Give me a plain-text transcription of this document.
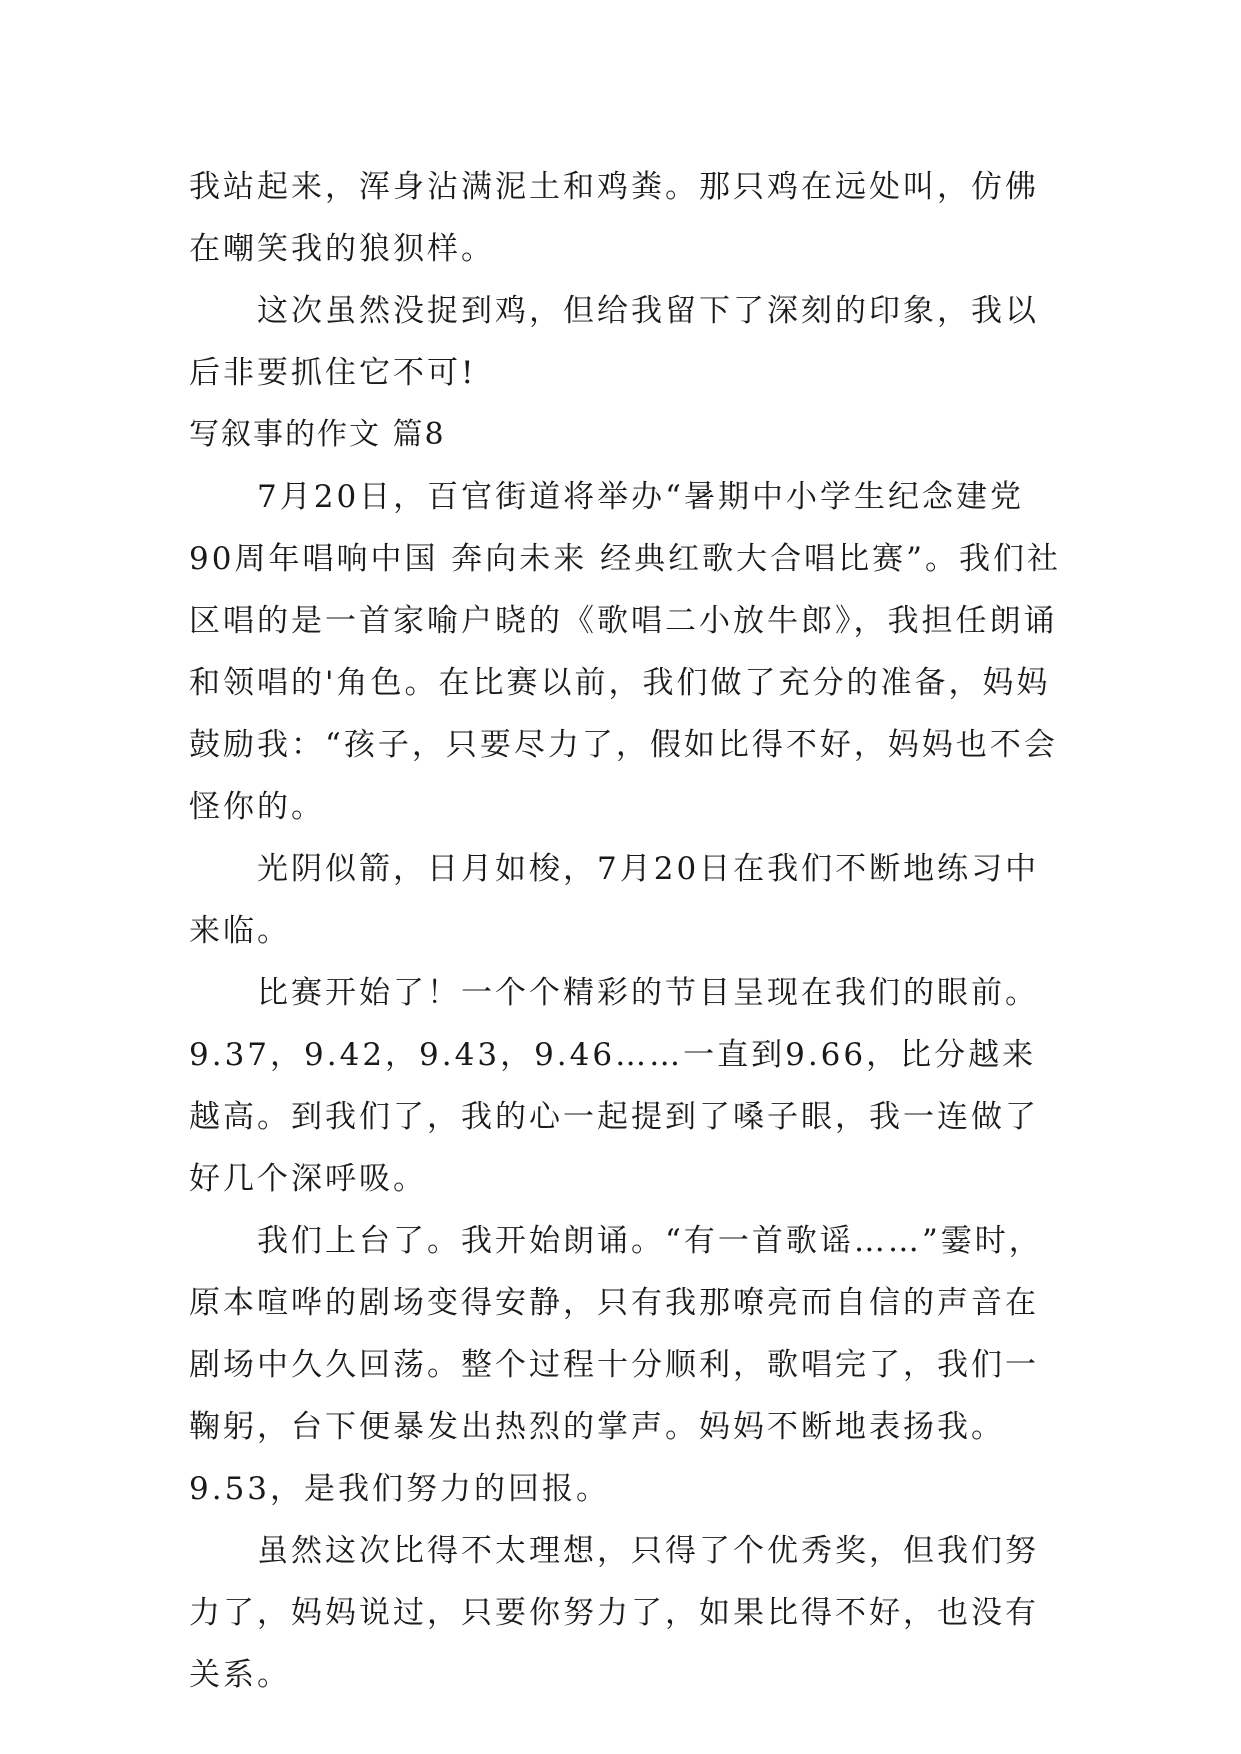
我站起来，浑身沾满泥土和鸡粪。那只鸡在远处叫，仿佛在嘲笑我的狼狈样。

这次虽然没捉到鸡，但给我留下了深刻的印象，我以后非要抓住它不可!

写叙事的作文 篇8

7月20日，百官街道将举办“暑期中小学生纪念建党90周年唱响中国 奔向未来 经典红歌大合唱比赛”。我们社区唱的是一首家喻户晓的《歌唱二小放牛郎》，我担任朗诵和领唱的'角色。在比赛以前，我们做了充分的准备，妈妈鼓励我：“孩子，只要尽力了，假如比得不好，妈妈也不会怪你的。

光阴似箭，日月如梭，7月20日在我们不断地练习中来临。

比赛开始了！一个个精彩的节目呈现在我们的眼前。9.37，9.42，9.43，9.46……一直到9.66，比分越来越高。到我们了，我的心一起提到了嗓子眼，我一连做了好几个深呼吸。

我们上台了。我开始朗诵。“有一首歌谣……”霎时，原本喧哗的剧场变得安静，只有我那嘹亮而自信的声音在剧场中久久回荡。整个过程十分顺利，歌唱完了，我们一鞠躬，台下便暴发出热烈的掌声。妈妈不断地表扬我。9.53，是我们努力的回报。

虽然这次比得不太理想，只得了个优秀奖，但我们努力了，妈妈说过，只要你努力了，如果比得不好，也没有关系。
